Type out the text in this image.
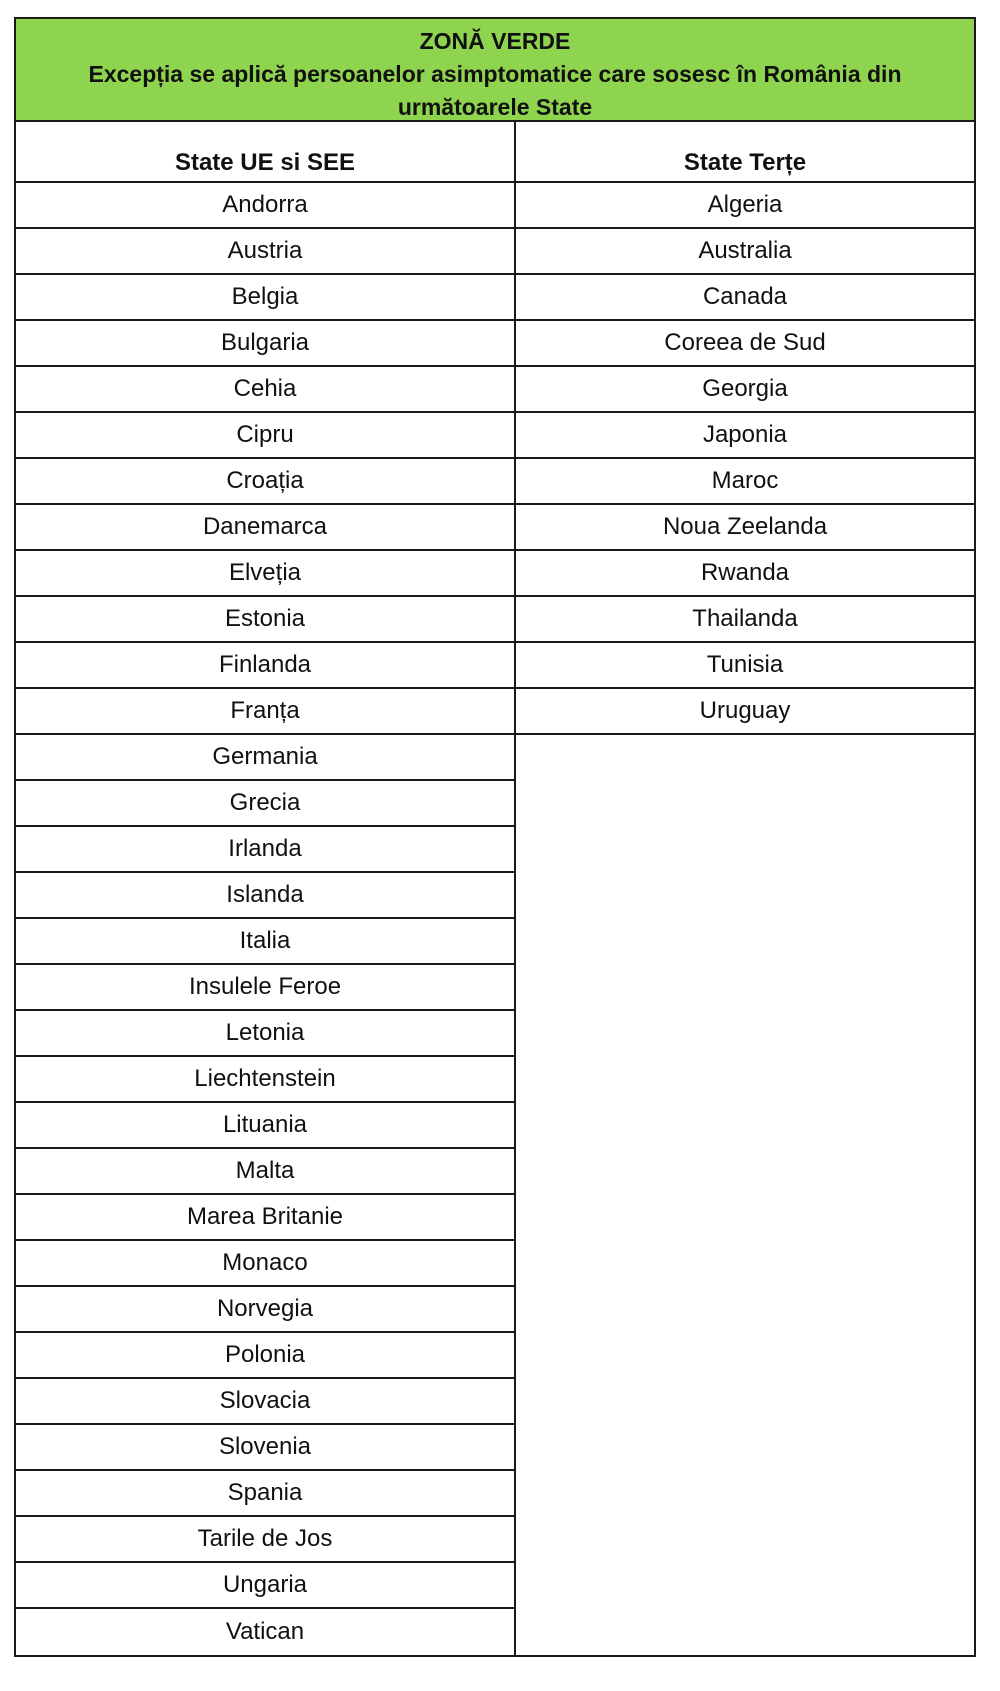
ZONĂ VERDE
Excepția se aplică persoanelor asimptomatice care sosesc în România din
următoarele State
State UE si SEE
Andorra
Austria
Belgia
Bulgaria
Cehia
Cipru
Croația
Danemarca
Elveția
Estonia
Finlanda
Franța
Germania
Grecia
Irlanda
Islanda
Italia
Insulele Feroe
Letonia
Liechtenstein
Lituania
Malta
Marea Britanie
Monaco
Norvegia
Polonia
Slovacia
Slovenia
Spania
Tarile de Jos
Ungaria
Vatican
State Terțe
Algeria
Australia
Canada
Coreea de Sud
Georgia
Japonia
Maroc
Noua Zeelanda
Rwanda
Thailanda
Tunisia
Uruguay
